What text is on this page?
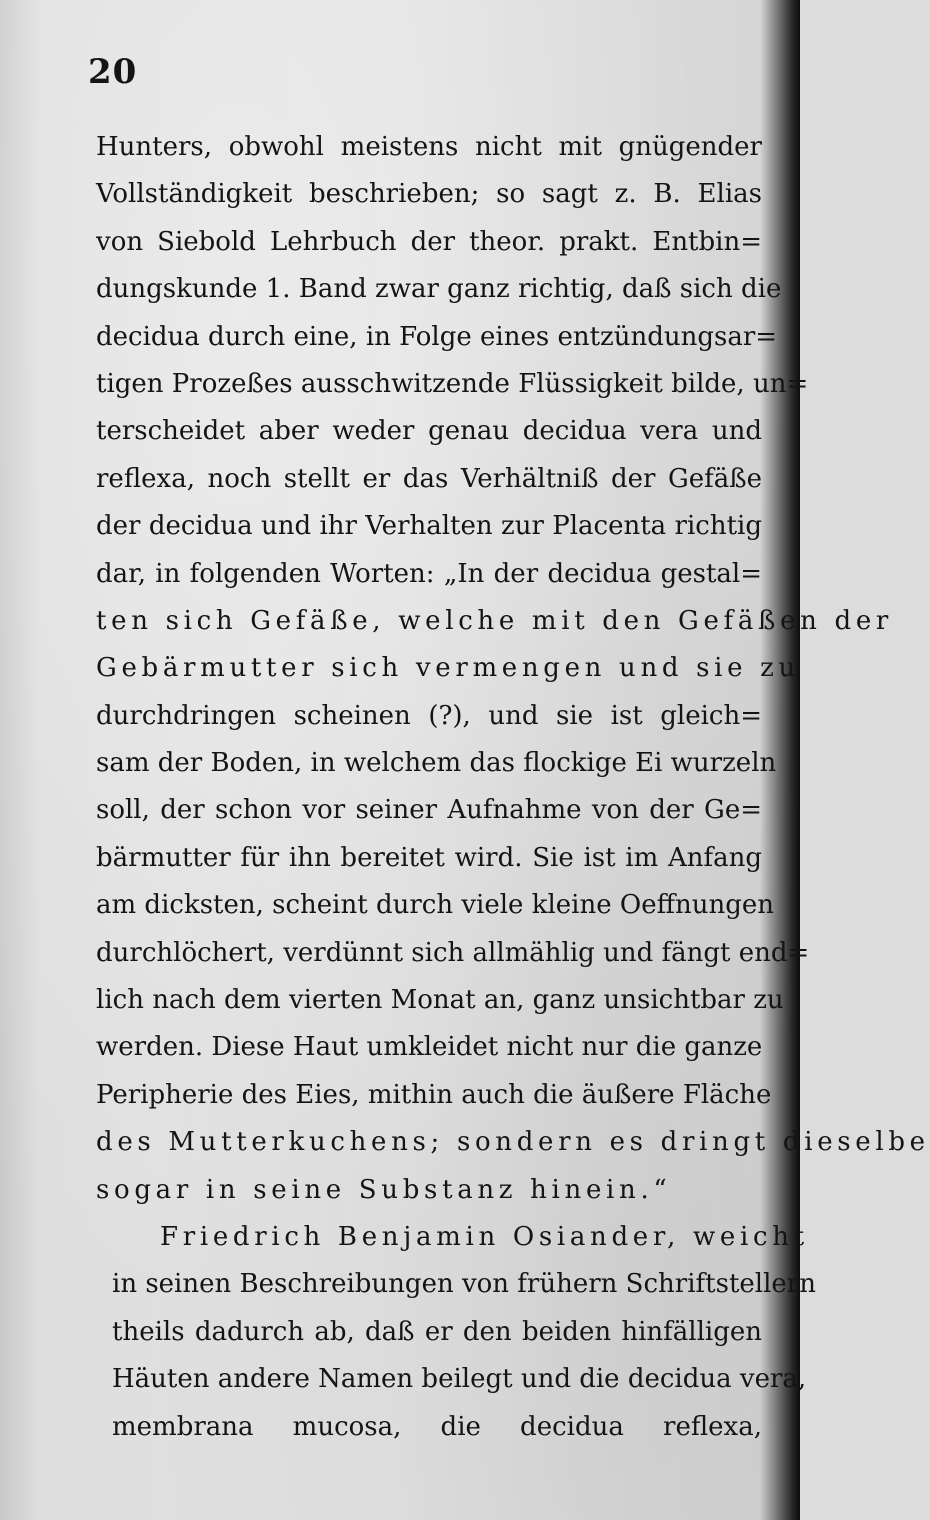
20
Hunters, obwohl meistens nicht mit gnügender
Vollständigkeit beschrieben; so sagt z. B. Elias
von Siebold Lehrbuch der theor. prakt. Entbin=
dungskunde 1. Band zwar ganz richtig, daß sich die
decidua durch eine, in Folge eines entzündungsar=
tigen Prozeßes ausschwitzende Flüssigkeit bilde, un=
terscheidet aber weder genau decidua vera und
reflexa, noch stellt er das Verhältniß der Gefäße
der decidua und ihr Verhalten zur Placenta richtig
dar, in folgenden Worten: „In der decidua gestal=
ten sich Gefäße, welche mit den Gefäßen der
Gebärmutter sich vermengen und sie zu
durchdringen scheinen (?), und sie ist gleich=
sam der Boden, in welchem das flockige Ei wurzeln
soll, der schon vor seiner Aufnahme von der Ge=
bärmutter für ihn bereitet wird. Sie ist im Anfang
am dicksten, scheint durch viele kleine Oeffnungen
durchlöchert, verdünnt sich allmählig und fängt end=
lich nach dem vierten Monat an, ganz unsichtbar zu
werden. Diese Haut umkleidet nicht nur die ganze
Peripherie des Eies, mithin auch die äußere Fläche
des Mutterkuchens; sondern es dringt dieselbe
sogar in seine Substanz hinein.“
Friedrich Benjamin Osiander, weicht
in seinen Beschreibungen von frühern Schriftstellern
theils dadurch ab, daß er den beiden hinfälligen
Häuten andere Namen beilegt und die decidua vera,
membrana mucosa, die decidua reflexa,
